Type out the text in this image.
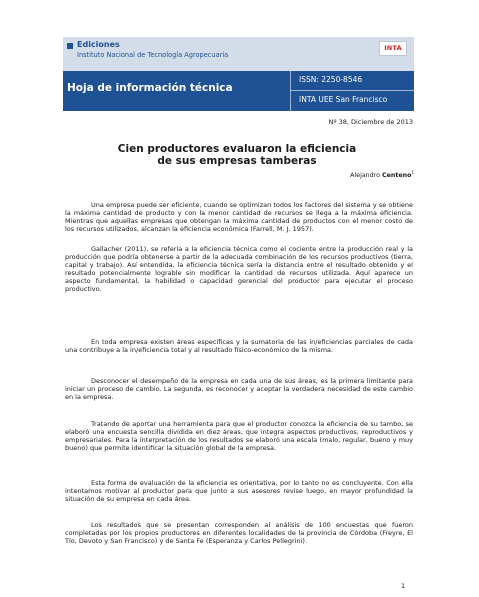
Ediciones
Instituto Nacional de Tecnología Agropecuaria
INTA
Hoja de información técnica
ISSN: 2250-8546
INTA UEE San Francisco
Nº 38, Diciembre de 2013
Cien productores evaluaron la eficiencia
de sus empresas tamberas
Alejandro Centeno$^1$

Una empresa puede ser eficiente, cuando se optimizan todos los factores del sistema y se obtiene la máxima cantidad de producto y con la menor cantidad de recursos se llega a la máxima eficiencia. Mientras que aquellas empresas que obtengan la máxima cantidad de productos con el menor costo de los recursos utilizados, alcanzan la eficiencia económica (Farrell, M. J. 1957).

Gallacher (2011), se refería a la eficiencia técnica como el cociente entre la producción real y la producción que podría obtenerse a partir de la adecuada combinación de los recursos productivos (tierra, capital y trabajo). Así entendida, la eficiencia técnica sería la distancia entre el resultado obtenido y el resultado potencialmente lograble sin modificar la cantidad de recursos utilizada. Aquí aparece un aspecto fundamental, la habilidad o capacidad gerencial del productor para ejecutar el proceso productivo.

En toda empresa existen áreas específicas y la sumatoria de las in/eficiencias parciales de cada una contribuye a la in/eficiencia total y al resultado físico-económico de la misma.

Desconocer el desempeño de la empresa en cada una de sus áreas, es la primera limitante para iniciar un proceso de cambio. La segunda, es reconocer y aceptar la verdadera necesidad de este cambio en la empresa.

Tratando de aportar una herramienta para que el productor conozca la eficiencia de su tambo, se elaboró una encuesta sencilla dividida en diez áreas, que integra aspectos productivos, reproductivos y empresariales. Para la interpretación de los resultados se elaboró una escala (malo, regular, bueno y muy bueno) que permite identificar la situación global de la empresa.

Esta forma de evaluación de la eficiencia es orientativa, por lo tanto no es concluyente. Con ella intentamos motivar al productor para que junto a sus asesores revise luego, en mayor profundidad la situación de su empresa en cada área.

Los resultados que se presentan corresponden al análisis de 100 encuestas que fueron completadas por los propios productores en diferentes localidades de la provincia de Córdoba (Freyre, El Tío, Devoto y San Francisco) y de Santa Fe (Esperanza y Carlos Pellegrini).

1
